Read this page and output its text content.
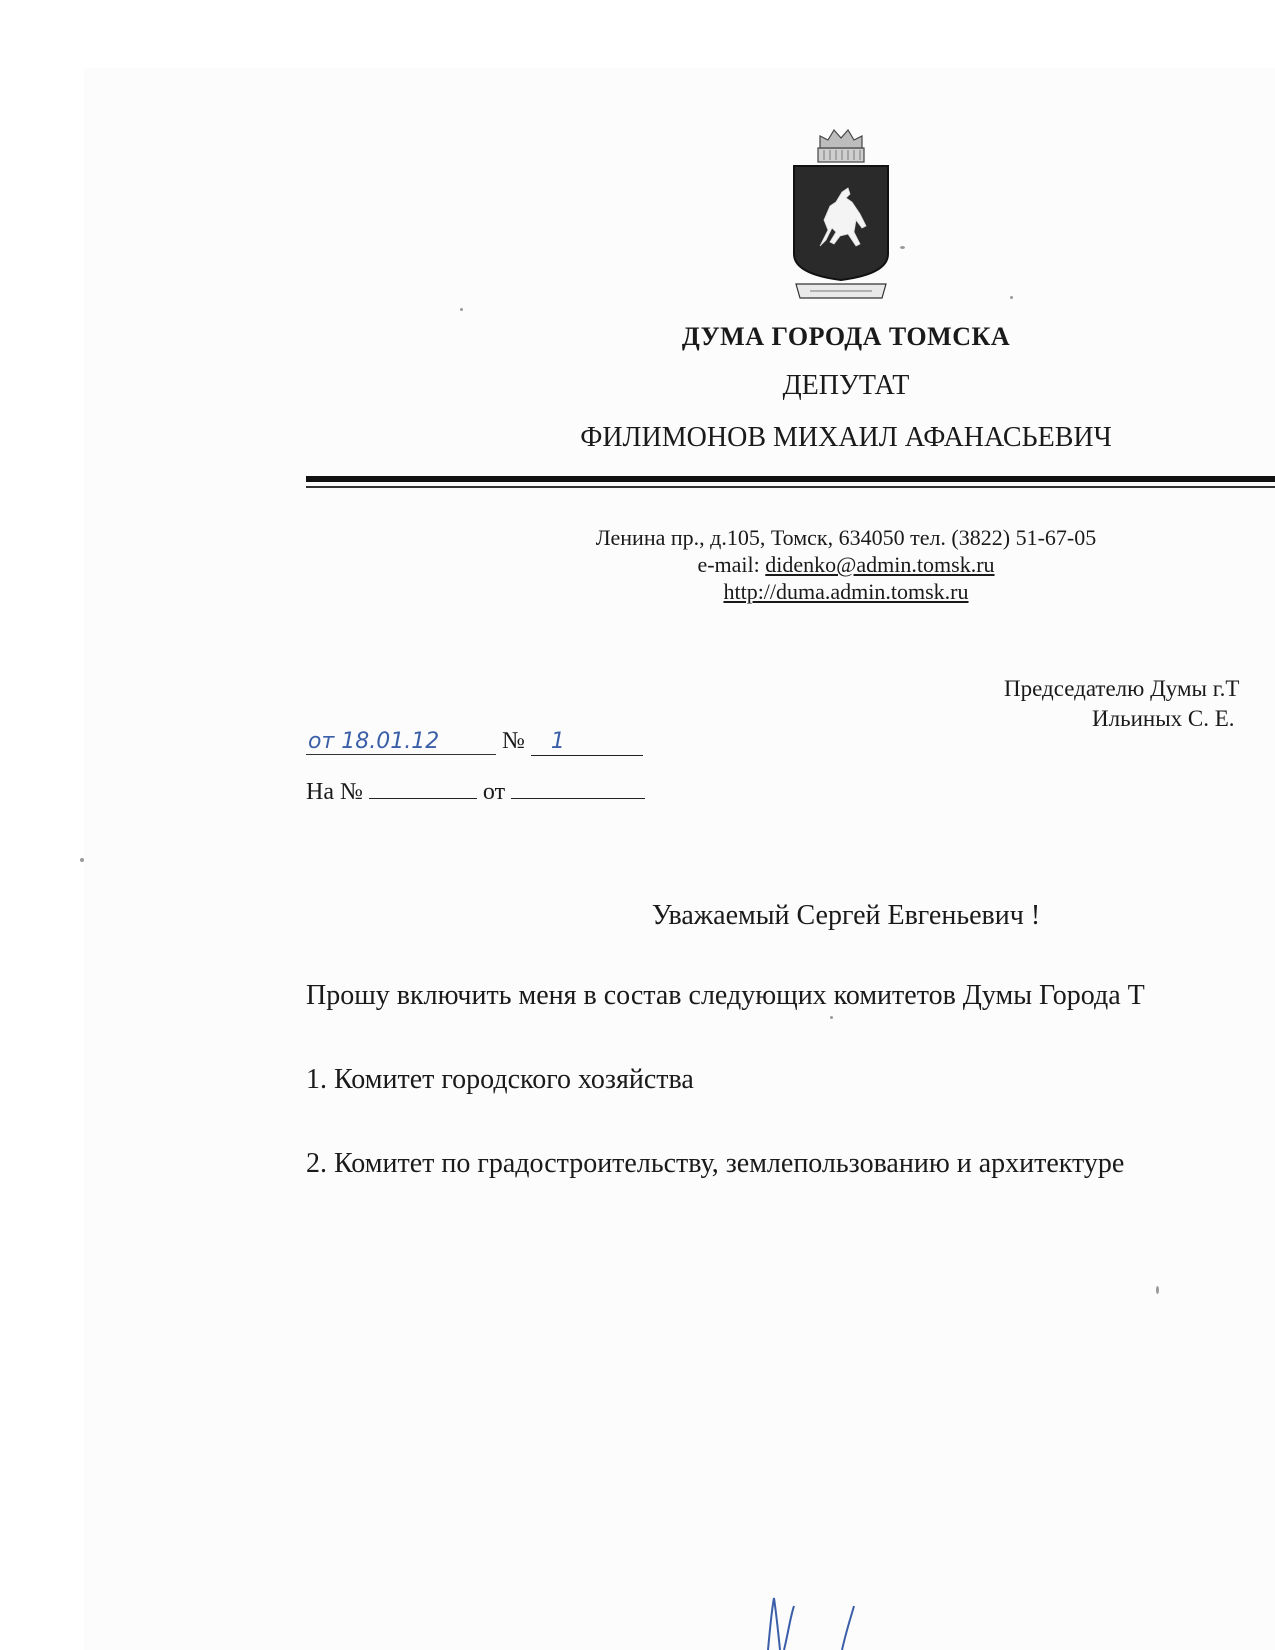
ДУМА ГОРОДА ТОМСКА
ДЕПУТАТ
ФИЛИМОНОВ МИХАИЛ АФАНАСЬЕВИЧ
Ленина пр., д.105, Томск, 634050 тел. (3822) 51-67-05
e-mail: didenko@admin.tomsk.ru
http://duma.admin.tomsk.ru
Председателю Думы г.Т
Ильиных С. Е.
от 18.01.12	№ 1
На №	от
Уважаемый Сергей Евгеньевич !
Прошу включить меня в состав следующих комитетов Думы Города Т
1. Комитет городского хозяйства
2. Комитет по градостроительству, землепользованию и архитектуре
